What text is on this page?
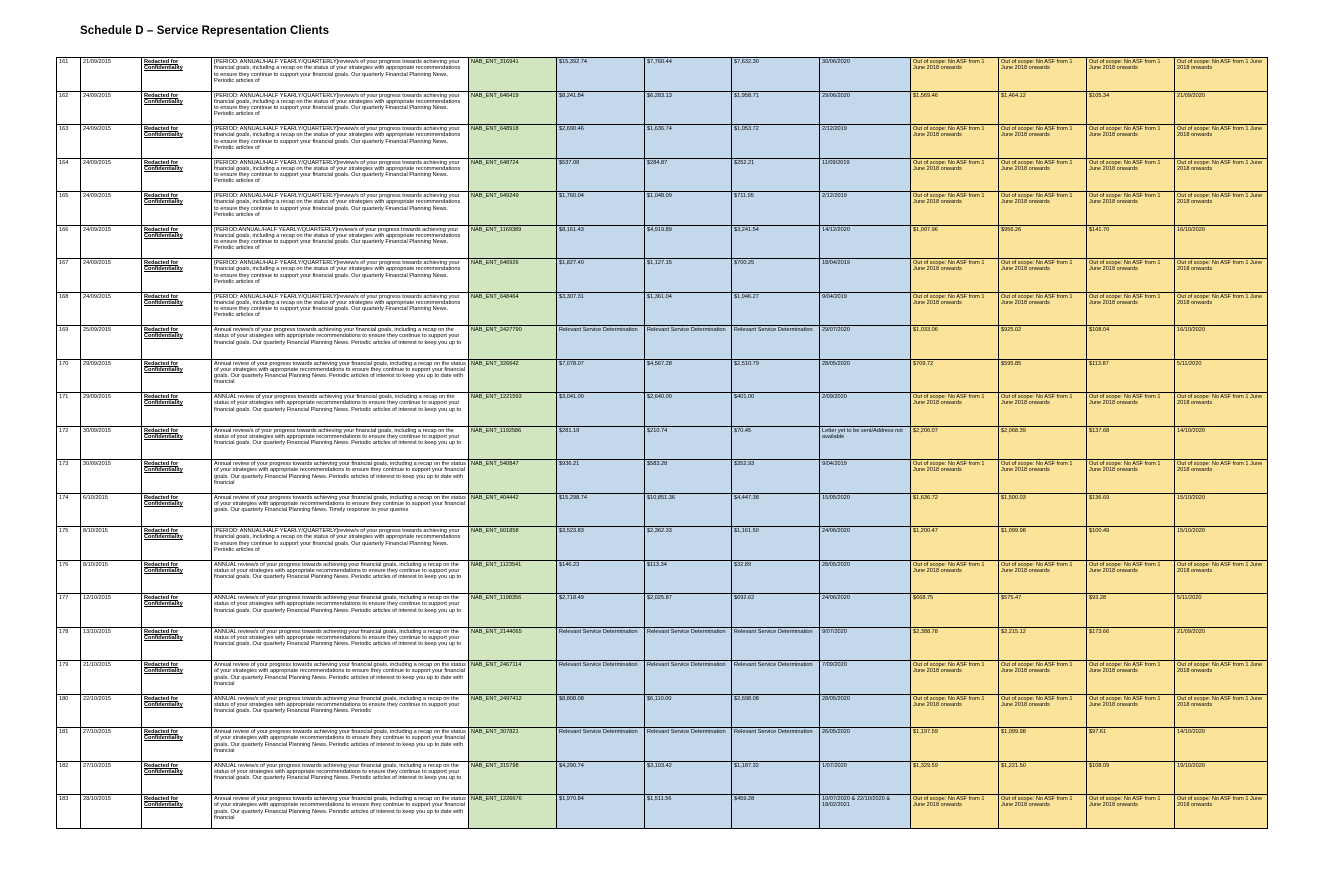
Schedule D – Service Representation Clients
161	21/09/2015	Redacted for Confidentiality	[PERIOD: ANNUAL/HALF YEARLY/QUARTERLY]review/s of your progress towards achieving your financial goals, including a recap on the status of your strategies with appropriate recommendations to ensure they continue to support your financial goals. Our quarterly Financial Planning News. Periodic articles of	NAB_ENT_316941	$15,392.74	$7,760.44	$7,632.30	30/06/2020	Out of scope: No ASF from 1 June 2018 onwards	Out of scope: No ASF from 1 June 2018 onwards	Out of scope: No ASF from 1 June 2018 onwards	Out of scope: No ASF from 1 June 2018 onwards

162	24/09/2015	Redacted for Confidentiality	[PERIOD: ANNUAL/HALF YEARLY/QUARTERLY]review/s of your progress towards achieving your financial goals, including a recap on the status of your strategies with appropriate recommendations to ensure they continue to support your financial goals. Our quarterly Financial Planning News. Periodic articles of	NAB_ENT_646419	$8,241.84	$6,283.13	$1,958.71	29/06/2020	$1,569.46	$1,464.12	$105.34	21/09/2020

163	24/09/2015	Redacted for Confidentiality	[PERIOD: ANNUAL/HALF YEARLY/QUARTERLY]review/s of your progress towards achieving your financial goals, including a recap on the status of your strategies with appropriate recommendations to ensure they continue to support your financial goals. Our quarterly Financial Planning News. Periodic articles of	NAB_ENT_648918	$2,690.46	$1,636.74	$1,053.72	2/12/2019	Out of scope: No ASF from 1 June 2018 onwards	Out of scope: No ASF from 1 June 2018 onwards	Out of scope: No ASF from 1 June 2018 onwards	Out of scope: No ASF from 1 June 2018 onwards

164	24/09/2015	Redacted for Confidentiality	[PERIOD: ANNUAL/HALF YEARLY/QUARTERLY]review/s of your progress towards achieving your financial goals, including a recap on the status of your strategies with appropriate recommendations to ensure they continue to support your financial goals. Our quarterly Financial Planning News. Periodic articles of	NAB_ENT_648724	$537.08	$284.87	$252.21	11/09/2019	Out of scope: No ASF from 1 June 2018 onwards	Out of scope: No ASF from 1 June 2018 onwards	Out of scope: No ASF from 1 June 2018 onwards	Out of scope: No ASF from 1 June 2018 onwards

165	24/09/2015	Redacted for Confidentiality	[PERIOD: ANNUAL/HALF YEARLY/QUARTERLY]review/s of your progress towards achieving your financial goals, including a recap on the status of your strategies with appropriate recommendations to ensure they continue to support your financial goals. Our quarterly Financial Planning News. Periodic articles of	NAB_ENT_649249	$1,760.04	$1,048.09	$711.95	2/12/2019	Out of scope: No ASF from 1 June 2018 onwards	Out of scope: No ASF from 1 June 2018 onwards	Out of scope: No ASF from 1 June 2018 onwards	Out of scope: No ASF from 1 June 2018 onwards

166	24/09/2015	Redacted for Confidentiality	[PERIOD:ANNUAL/HALF YEARLY/QUARTERLY]review/s of your progress towards achieving your financial goals, including a recap on the status of your strategies with appropriate recommendations to ensure they continue to support your financial goals. Our quarterly Financial Planning News. Periodic articles of	NAB_ENT_1169389	$8,161.43	$4,919.89	$3,241.54	14/12/2020	$1,097.96	$956.26	$141.70	16/10/2020

167	24/09/2015	Redacted for Confidentiality	[PERIOD: ANNUAL/HALF YEARLY/QUARTERLY]review/s of your progress towards achieving your financial goals, including a recap on the status of your strategies with appropriate recommendations to ensure they continue to support your financial goals. Our quarterly Financial Planning News. Periodic articles of	NAB_ENT_646926	$1,827.40	$1,127.15	$700.25	18/04/2019	Out of scope: No ASF from 1 June 2018 onwards	Out of scope: No ASF from 1 June 2018 onwards	Out of scope: No ASF from 1 June 2018 onwards	Out of scope: No ASF from 1 June 2018 onwards

168	24/09/2015	Redacted for Confidentiality	[PERIOD: ANNUAL/HALF YEARLY/QUARTERLY]review/s of your progress towards achieving your financial goals, including a recap on the status of your strategies with appropriate recommendations to ensure they continue to support your financial goals. Our quarterly Financial Planning News. Periodic articles of	NAB_ENT_648464	$3,307.31	$1,361.04	$1,946.27	9/04/2019	Out of scope: No ASF from 1 June 2018 onwards	Out of scope: No ASF from 1 June 2018 onwards	Out of scope: No ASF from 1 June 2018 onwards	Out of scope: No ASF from 1 June 2018 onwards

169	25/09/2015	Redacted for Confidentiality	Annual review/s of your progress towards achieving your financial goals, including a recap on the status of your strategies with appropriate recommendations to ensure they continue to support your financial goals. Our quarterly Financial Planning News. Periodic articles of interest to keep you up to	NAB_ENT_2427790	Relevant Service Determination	Relevant Service Determination	Relevant Service Determination	29/07/2020	$1,033.06	$925.02	$108.04	16/10/2020

170	29/09/2015	Redacted for Confidentiality	Annual review of your progress towards achieving your financial goals, including a recap on the status of your strategies with appropriate recommendations to ensure they continue to support your financial goals. Our quarterly Financial Planning News. Periodic articles of interest to keep you up to date with financial	NAB_ENT_326642	$7,078.07	$4,567.28	$2,510.79	28/05/2020	$709.72	$595.85	$113.87	5/11/2020

171	29/09/2015	Redacted for Confidentiality	ANNUAL review of your progress towards achieving your financial goals, including a recap on the status of your strategies with appropriate recommendations to ensure they continue to support your financial goals. Our quarterly Financial Planning News. Periodic articles of interest to keep you up to	NAB_ENT_1221593	$3,041.00	$2,640.00	$401.00	2/09/2020	Out of scope: No ASF from 1 June 2018 onwards	Out of scope: No ASF from 1 June 2018 onwards	Out of scope: No ASF from 1 June 2018 onwards	Out of scope: No ASF from 1 June 2018 onwards

172	30/09/2015	Redacted for Confidentiality	Annual review/s of your progress towards achieving your financial goals, including a recap on the status of your strategies with appropriate recommendations to ensure they continue to support your financial goals. Our quarterly Financial Planning News. Periodic articles of interest to keep you up to	NAB_ENT_1192586	$281.19	$210.74	$70.45	Letter yet to be sent/Address not available	$2,206.07	$2,068.39	$137.68	14/10/2020

173	30/09/2015	Redacted for Confidentiality	Annual review of your progress towards achieving your financial goals, including a recap on the status of your strategies with appropriate recommendations to ensure they continue to support your financial goals. Our quarterly Financial Planning News. Periodic articles of interest to keep you up to date with financial	NAB_ENT_540847	$936.21	$583.28	$352.93	9/04/2019	Out of scope: No ASF from 1 June 2018 onwards	Out of scope: No ASF from 1 June 2018 onwards	Out of scope: No ASF from 1 June 2018 onwards	Out of scope: No ASF from 1 June 2018 onwards

174	6/10/2015	Redacted for Confidentiality	Annual review of your progress towards achieving your financial goals, including a recap on the status of your strategies with appropriate recommendations to ensure they continue to support your financial goals. Our quarterly Financial Planning News. Timely response to your queries	NAB_ENT_404442	$15,298.74	$10,851.36	$4,447.38	15/05/2020	$1,636.72	$1,500.03	$136.69	15/10/2020

175	8/10/2015	Redacted for Confidentiality	[PERIOD: ANNUAL/HALF YEARLY/QUARTERLY]review/s of your progress towards achieving your financial goals, including a recap on the status of your strategies with appropriate recommendations to ensure they continue to support your financial goals. Our quarterly Financial Planning News. Periodic articles of	NAB_ENT_601858	$3,523.83	$2,362.33	$1,161.50	24/06/2020	$1,200.47	$1,099.98	$100.49	15/10/2020

176	8/10/2015	Redacted for Confidentiality	ANNUAL review/s of your progress towards achieving your financial goals, including a recap on the status of your strategies with appropriate recommendations to ensure they continue to support your financial goals. Our quarterly Financial Planning News. Periodic articles of interest to keep you up to	NAB_ENT_1123541	$146.23	$113.34	$32.89	28/05/2020	Out of scope: No ASF from 1 June 2018 onwards	Out of scope: No ASF from 1 June 2018 onwards	Out of scope: No ASF from 1 June 2018 onwards	Out of scope: No ASF from 1 June 2018 onwards

177	12/10/2015	Redacted for Confidentiality	ANNUAL review/s of your progress towards achieving your financial goals, including a recap on the status of your strategies with appropriate recommendations to ensure they continue to support your financial goals. Our quarterly Financial Planning News. Periodic articles of interest to keep you up to	NAB_ENT_1198356	$2,718.49	$2,025.87	$692.62	24/06/2020	$668.75	$575.47	$93.28	5/11/2020

178	13/10/2015	Redacted for Confidentiality	ANNUAL review/s of your progress towards achieving your financial goals, including a recap on the status of your strategies with appropriate recommendations to ensure they continue to support your financial goals. Our quarterly Financial Planning News. Periodic articles of interest to keep you up to	NAB_ENT_2144065	Relevant Service Determination	Relevant Service Determination	Relevant Service Determination	9/07/2020	$2,388.78	$2,215.12	$173.66	21/09/2020

179	21/10/2015	Redacted for Confidentiality	Annual review of your progress towards achieving your financial goals, including a recap on the status of your strategies with appropriate recommendations to ensure they continue to support your financial goals. Our quarterly Financial Planning News. Periodic articles of interest to keep you up to date with financial	NAB_ENT_2467114	Relevant Service Determination	Relevant Service Determination	Relevant Service Determination	7/09/2020	Out of scope: No ASF from 1 June 2018 onwards	Out of scope: No ASF from 1 June 2018 onwards	Out of scope: No ASF from 1 June 2018 onwards	Out of scope: No ASF from 1 June 2018 onwards

180	22/10/2015	Redacted for Confidentiality	ANNUAL review/s of your progress towards achieving your financial goals, including a recap on the status of your strategies with appropriate recommendations to ensure they continue to support your financial goals. Our quarterly Financial Planning News. Periodic	NAB_ENT_2497412	$8,808.08	$6,110.00	$2,698.08	28/05/2020	Out of scope: No ASF from 1 June 2018 onwards	Out of scope: No ASF from 1 June 2018 onwards	Out of scope: No ASF from 1 June 2018 onwards	Out of scope: No ASF from 1 June 2018 onwards

181	27/10/2015	Redacted for Confidentiality	Annual review of your progress towards achieving your financial goals, including a recap on the status of your strategies with appropriate recommendations to ensure they continue to support your financial goals. Our quarterly Financial Planning News. Periodic articles of interest to keep you up to date with financial	NAB_ENT_307821	Relevant Service Determination	Relevant Service Determination	Relevant Service Determination	26/05/2020	$1,197.59	$1,099.98	$97.61	14/10/2020

182	27/10/2015	Redacted for Confidentiality	ANNUAL review/s of your progress towards achieving your financial goals, including a recap on the status of your strategies with appropriate recommendations to ensure they continue to support your financial goals. Our quarterly Financial Planning News. Periodic articles of interest to keep you up to	NAB_ENT_315798	$4,290.74	$3,103.42	$1,187.32	1/07/2020	$1,329.59	$1,221.50	$108.09	19/10/2020

183	28/10/2015	Redacted for Confidentiality	Annual review of your progress towards achieving your financial goals, including a recap on the status of your strategies with appropriate recommendations to ensure they continue to support your financial goals. Our quarterly Financial Planning News. Periodic articles of interest to keep you up to date with financial	NAB_ENT_1226676	$1,970.84	$1,511.56	$459.28	10/07/2020 & 22/10/2020 & 18/02/2021	Out of scope: No ASF from 1 June 2018 onwards	Out of scope: No ASF from 1 June 2018 onwards	Out of scope: No ASF from 1 June 2018 onwards	Out of scope: No ASF from 1 June 2018 onwards
